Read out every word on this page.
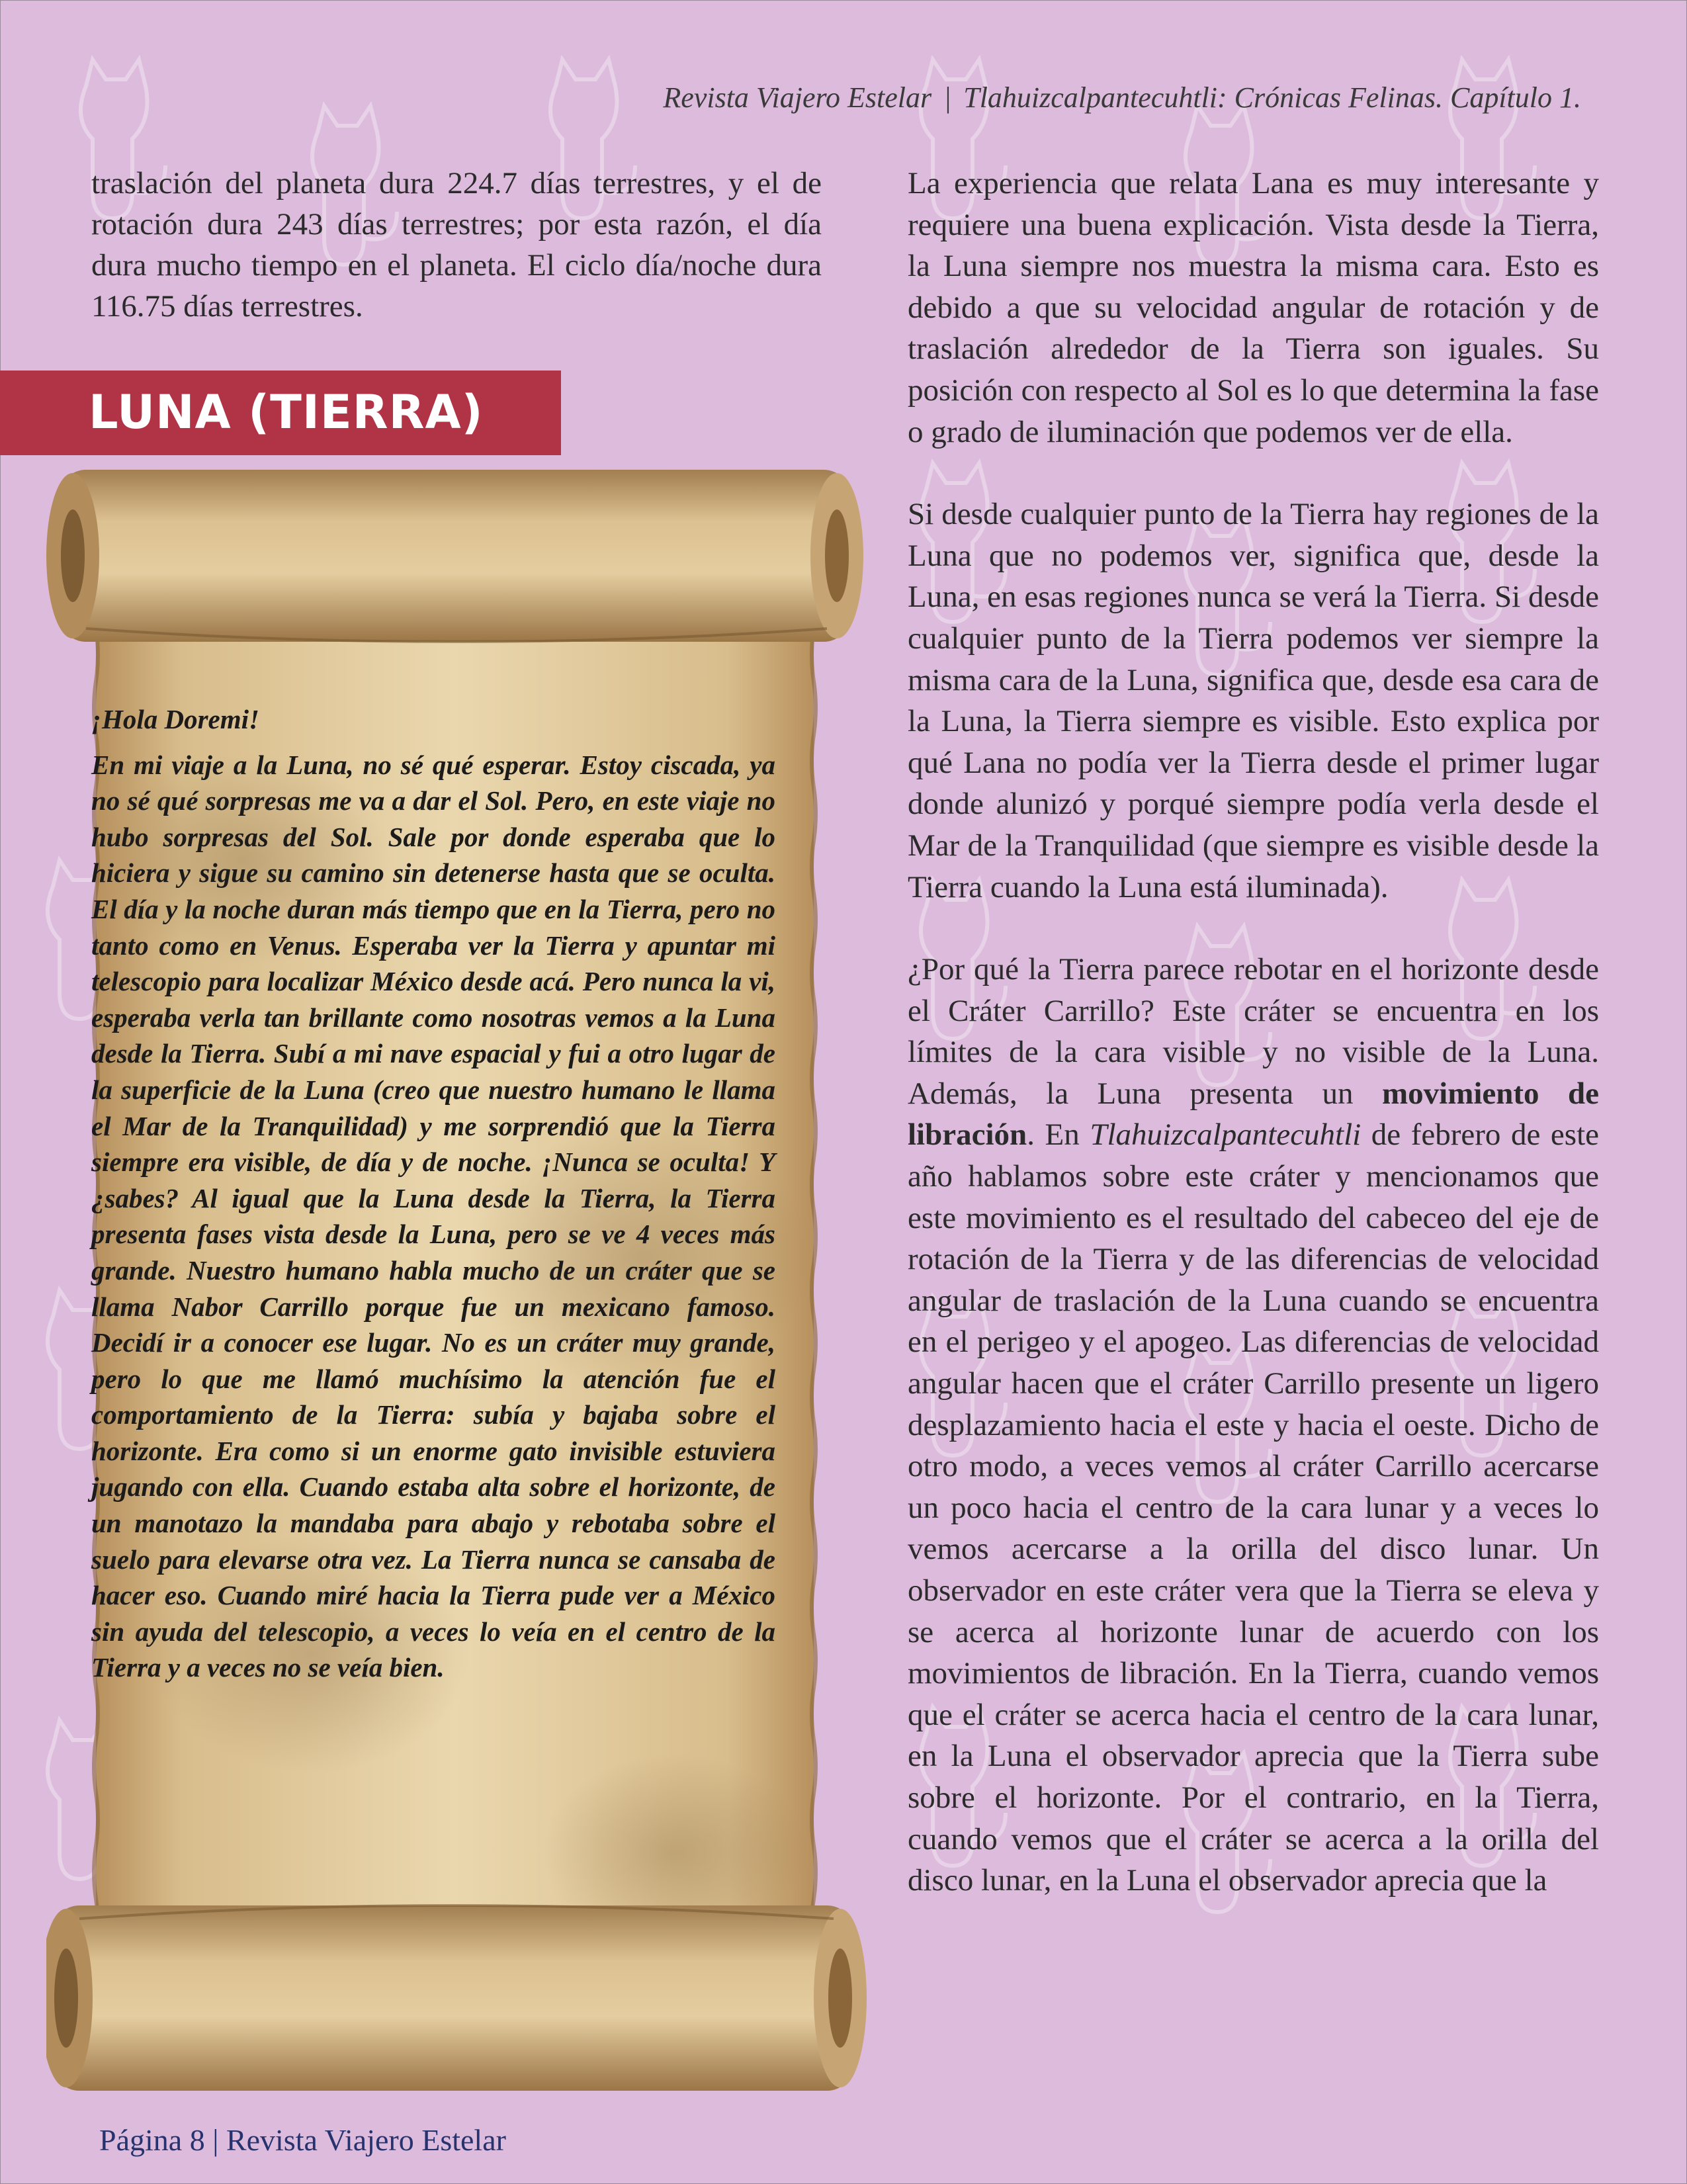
Revista Viajero Estelar | Tlahuizcalpantecuhtli: Crónicas Felinas. Capítulo 1.
traslación del planeta dura 224.7 días terrestres, y el de rotación dura 243 días terrestres; por esta razón, el día dura mucho tiempo en el planeta. El ciclo día/noche dura 116.75 días terrestres.
LUNA (TIERRA)
¡Hola Doremi!
En mi viaje a la Luna, no sé qué esperar. Estoy ciscada, ya no sé qué sorpresas me va a dar el Sol. Pero, en este viaje no hubo sorpresas del Sol. Sale por donde esperaba que lo hiciera y sigue su camino sin detenerse hasta que se oculta. El día y la noche duran más tiempo que en la Tierra, pero no tanto como en Venus. Esperaba ver la Tierra y apuntar mi telescopio para localizar México desde acá. Pero nunca la vi, esperaba verla tan brillante como nosotras vemos a la Luna desde la Tierra. Subí a mi nave espacial y fui a otro lugar de la superficie de la Luna (creo que nuestro humano le llama el Mar de la Tranquilidad) y me sorprendió que la Tierra siempre era visible, de día y de noche. ¡Nunca se oculta! Y ¿sabes? Al igual que la Luna desde la Tierra, la Tierra presenta fases vista desde la Luna, pero se ve 4 veces más grande. Nuestro humano habla mucho de un cráter que se llama Nabor Carrillo porque fue un mexicano famoso. Decidí ir a conocer ese lugar. No es un cráter muy grande, pero lo que me llamó muchísimo la atención fue el comportamiento de la Tierra: subía y bajaba sobre el horizonte. Era como si un enorme gato invisible estuviera jugando con ella. Cuando estaba alta sobre el horizonte, de un manotazo la mandaba para abajo y rebotaba sobre el suelo para elevarse otra vez. La Tierra nunca se cansaba de hacer eso. Cuando miré hacia la Tierra pude ver a México sin ayuda del telescopio, a veces lo veía en el centro de la Tierra y a veces no se veía bien.

La experiencia que relata Lana es muy interesante y requiere una buena explicación. Vista desde la Tierra, la Luna siempre nos muestra la misma cara. Esto es debido a que su velocidad angular de rotación y de traslación alrededor de la Tierra son iguales. Su posición con respecto al Sol es lo que determina la fase o grado de iluminación que podemos ver de ella.

Si desde cualquier punto de la Tierra hay regiones de la Luna que no podemos ver, significa que, desde la Luna, en esas regiones nunca se verá la Tierra. Si desde cualquier punto de la Tierra podemos ver siempre la misma cara de la Luna, significa que, desde esa cara de la Luna, la Tierra siempre es visible. Esto explica por qué Lana no podía ver la Tierra desde el primer lugar donde alunizó y porqué siempre podía verla desde el Mar de la Tranquilidad (que siempre es visible desde la Tierra cuando la Luna está iluminada).

¿Por qué la Tierra parece rebotar en el horizonte desde el Cráter Carrillo? Este cráter se encuentra en los límites de la cara visible y no visible de la Luna. Además, la Luna presenta un movimiento de libración. En Tlahuizcalpantecuhtli de febrero de este año hablamos sobre este cráter y mencionamos que este movimiento es el resultado del cabeceo del eje de rotación de la Tierra y de las diferencias de velocidad angular de traslación de la Luna cuando se encuentra en el perigeo y el apogeo. Las diferencias de velocidad angular hacen que el cráter Carrillo presente un ligero desplazamiento hacia el este y hacia el oeste. Dicho de otro modo, a veces vemos al cráter Carrillo acercarse un poco hacia el centro de la cara lunar y a veces lo vemos acercarse a la orilla del disco lunar. Un observador en este cráter vera que la Tierra se eleva y se acerca al horizonte lunar de acuerdo con los movimientos de libración. En la Tierra, cuando vemos que el cráter se acerca hacia el centro de la cara lunar, en la Luna el observador aprecia que la Tierra sube sobre el horizonte. Por el contrario, en la Tierra, cuando vemos que el cráter se acerca a la orilla del disco lunar, en la Luna el observador aprecia que la

Página 8 | Revista Viajero Estelar
